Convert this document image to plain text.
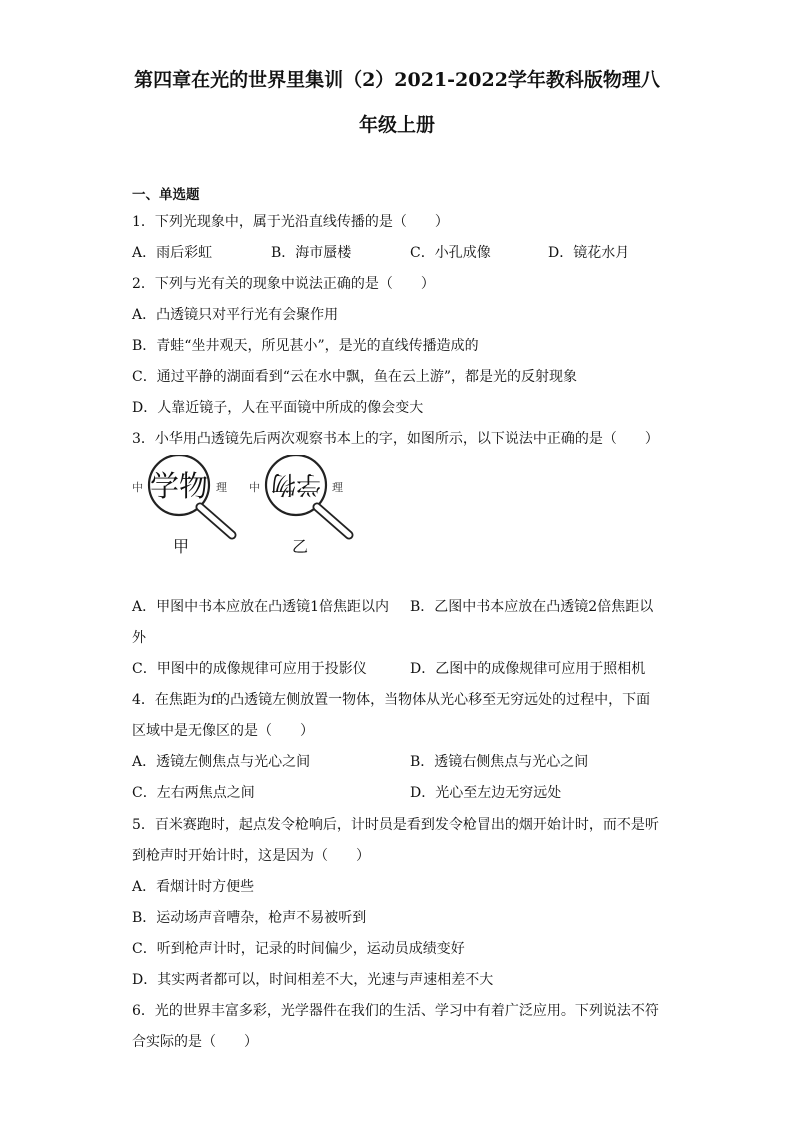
第四章在光的世界里集训（2）2021-2022学年教科版物理八
年级上册
一、单选题
1．下列光现象中，属于光沿直线传播的是（　　）
A．雨后彩虹	B．海市蜃楼	C．小孔成像	D．镜花水月
2．下列与光有关的现象中说法正确的是（　　）
A．凸透镜只对平行光有会聚作用
B．青蛙“坐井观天，所见甚小”，是光的直线传播造成的
C．通过平静的湖面看到“云在水中飘，鱼在云上游”，都是光的反射现象
D．人靠近镜子，人在平面镜中所成的像会变大
3．小华用凸透镜先后两次观察书本上的字，如图所示，以下说法中正确的是（　　）
中 学物 理 中 学物 理
甲	乙
A．甲图中书本应放在凸透镜1倍焦距以内 B．乙图中书本应放在凸透镜2倍焦距以
外
C．甲图中的成像规律可应用于投影仪	D．乙图中的成像规律可应用于照相机
4．在焦距为f的凸透镜左侧放置一物体，当物体从光心移至无穷远处的过程中，下面
区域中是无像区的是（　　）
A．透镜左侧焦点与光心之间	B．透镜右侧焦点与光心之间
C．左右两焦点之间	D．光心至左边无穷远处
5．百米赛跑时，起点发令枪响后，计时员是看到发令枪冒出的烟开始计时，而不是听
到枪声时开始计时，这是因为（　　）
A．看烟计时方便些
B．运动场声音嘈杂，枪声不易被听到
C．听到枪声计时，记录的时间偏少，运动员成绩变好
D．其实两者都可以，时间相差不大，光速与声速相差不大
6．光的世界丰富多彩，光学器件在我们的生活、学习中有着广泛应用。下列说法不符
合实际的是（　　）
